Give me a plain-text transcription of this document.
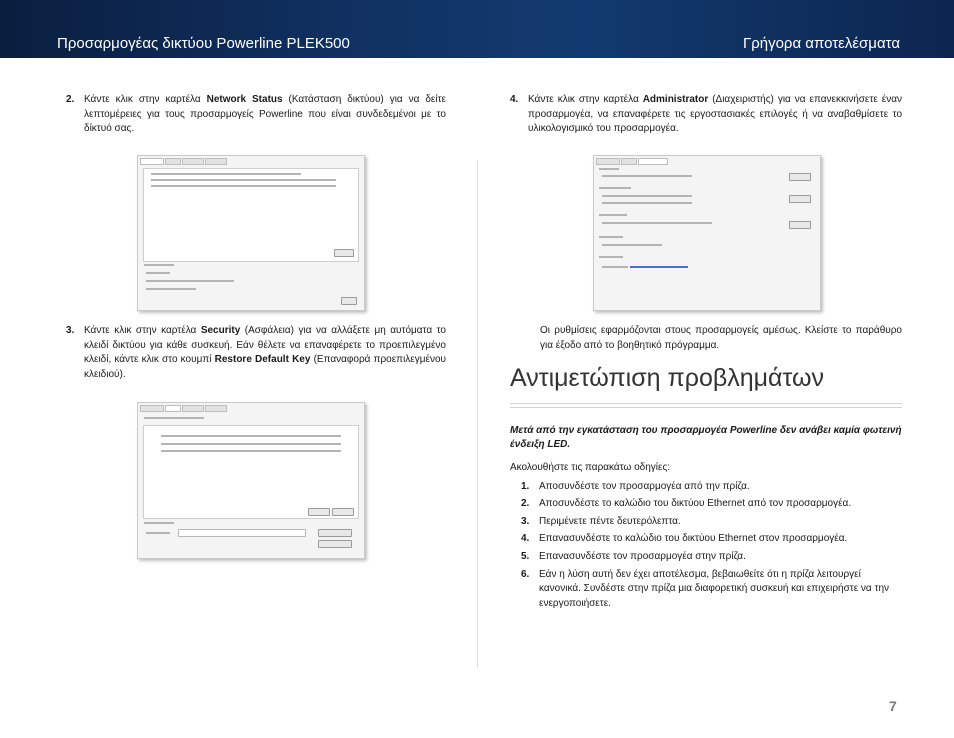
Προσαρμογέας δικτύου Powerline PLEK500	Γρήγορα αποτελέσματα
2. Κάντε κλικ στην καρτέλα Network Status (Κατάσταση δικτύου) για να δείτε λεπτομέρειες για τους προσαρμογείς Powerline που είναι συνδεδεμένοι με το δίκτυό σας.
3. Κάντε κλικ στην καρτέλα Security (Ασφάλεια) για να αλλάξετε μη αυτόματα το κλειδί δικτύου για κάθε συσκευή. Εάν θέλετε να επαναφέρετε το προεπιλεγμένο κλειδί, κάντε κλικ στο κουμπί Restore Default Key (Επαναφορά προεπιλεγμένου κλειδιού).
4. Κάντε κλικ στην καρτέλα Administrator (Διαχειριστής) για να επανεκκινήσετε έναν προσαρμογέα, να επαναφέρετε τις εργοστασιακές επιλογές ή να αναβαθμίσετε το υλικολογισμικό του προσαρμογέα.
Οι ρυθμίσεις εφαρμόζονται στους προσαρμογείς αμέσως. Κλείστε το παράθυρο για έξοδο από το βοηθητικό πρόγραμμα.
Αντιμετώπιση προβλημάτων
Μετά από την εγκατάσταση του προσαρμογέα Powerline δεν ανάβει καμία φωτεινή ένδειξη LED.
Ακολουθήστε τις παρακάτω οδηγίες:
1. Αποσυνδέστε τον προσαρμογέα από την πρίζα.
2. Αποσυνδέστε το καλώδιο του δικτύου Ethernet από τον προσαρμογέα.
3. Περιμένετε πέντε δευτερόλεπτα.
4. Επανασυνδέστε το καλώδιο του δικτύου Ethernet στον προσαρμογέα.
5. Επανασυνδέστε τον προσαρμογέα στην πρίζα.
6. Εάν η λύση αυτή δεν έχει αποτέλεσμα, βεβαιωθείτε ότι η πρίζα λειτουργεί κανονικά. Συνδέστε στην πρίζα μια διαφορετική συσκευή και επιχειρήστε να την ενεργοποιήσετε.
7
